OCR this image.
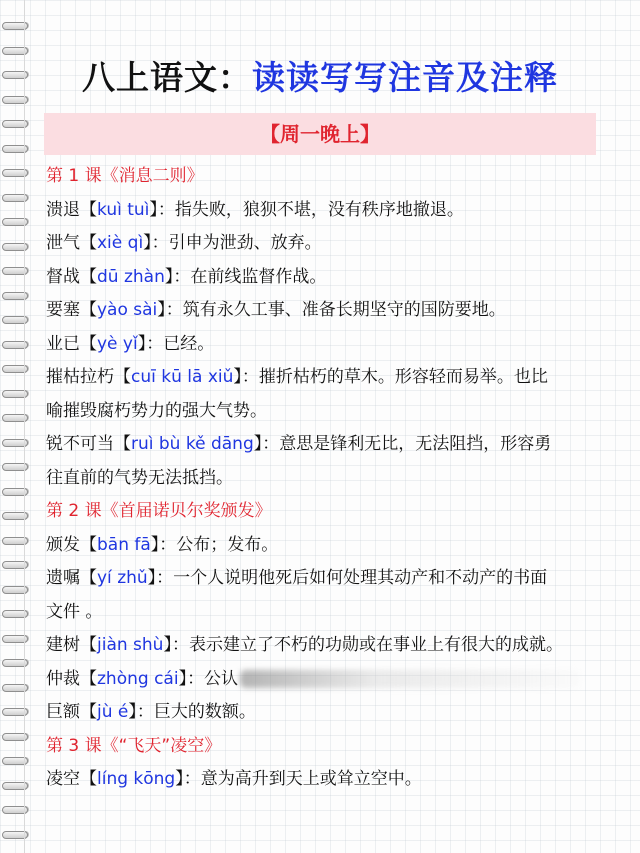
八上语文：读读写写注音及注释
【周一晚上】
第 1 课《消息二则》
溃退【kuì tuì】：指失败，狼狈不堪，没有秩序地撤退。
泄气【xiè qì】：引申为泄劲、放弃。
督战【dū zhàn】：在前线监督作战。
要塞【yào sài】：筑有永久工事、准备长期坚守的国防要地。
业已【yè yǐ】：已经。
摧枯拉朽【cuī kū lā xiǔ】：摧折枯朽的草木。形容轻而易举。也比
喻摧毁腐朽势力的强大气势。
锐不可当【ruì bù kě dāng】：意思是锋利无比，无法阻挡，形容勇
往直前的气势无法抵挡。
第 2 课《首届诺贝尔奖颁发》
颁发【bān fā】：公布；发布。
遗嘱【yí zhǔ】：一个人说明他死后如何处理其动产和不动产的书面
文件 。
建树【jiàn shù】：表示建立了不朽的功勋或在事业上有很大的成就。
仲裁【zhòng cái】：公认
巨额【jù é】：巨大的数额。
第 3 课《“飞天”凌空》
凌空【líng kōng】：意为高升到天上或耸立空中。
